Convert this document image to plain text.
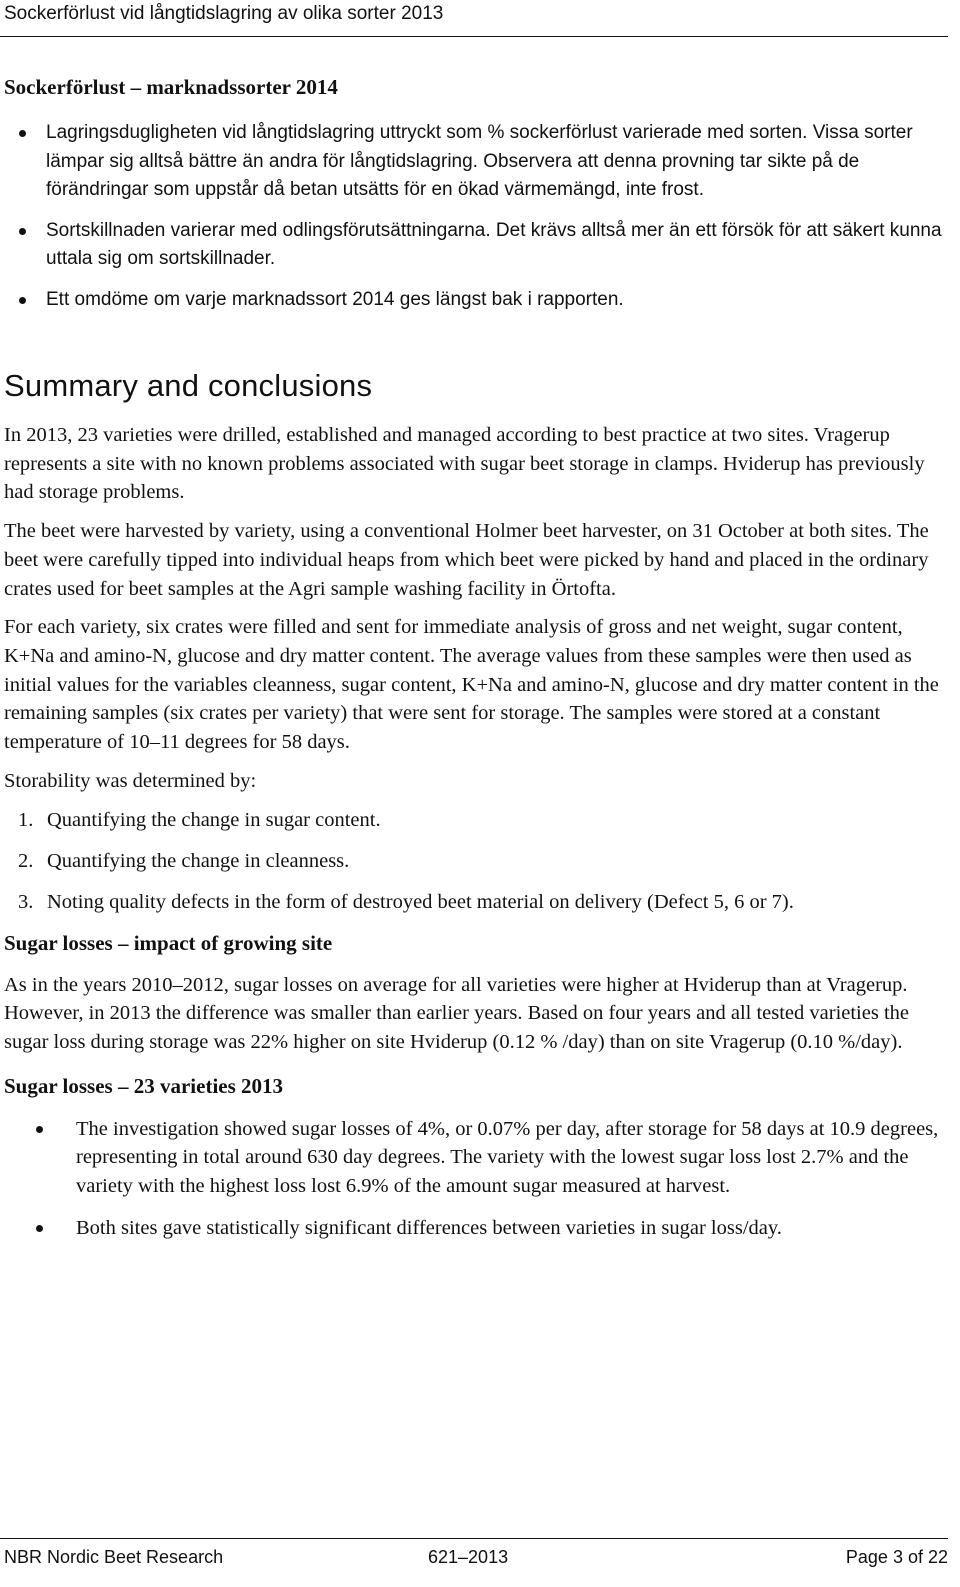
Sockerförlust vid långtidslagring av olika sorter 2013
Sockerförlust – marknadssorter 2014
Lagringsdugligheten vid långtidslagring uttryckt som % sockerförlust varierade med sorten. Vissa sorter lämpar sig alltså bättre än andra för långtidslagring. Observera att denna provning tar sikte på de förändringar som uppstår då betan utsätts för en ökad värmemängd, inte frost.
Sortskillnaden varierar med odlingsförutsättningarna. Det krävs alltså mer än ett försök för att säkert kunna uttala sig om sortskillnader.
Ett omdöme om varje marknadssort 2014 ges längst bak i rapporten.
Summary and conclusions

In 2013, 23 varieties were drilled, established and managed according to best practice at two sites. Vragerup represents a site with no known problems associated with sugar beet storage in clamps. Hviderup has previously had storage problems.

The beet were harvested by variety, using a conventional Holmer beet harvester, on 31 October at both sites. The beet were carefully tipped into individual heaps from which beet were picked by hand and placed in the ordinary crates used for beet samples at the Agri sample washing facility in Örtofta.

For each variety, six crates were filled and sent for immediate analysis of gross and net weight, sugar content, K+Na and amino-N, glucose and dry matter content. The average values from these samples were then used as initial values for the variables cleanness, sugar content, K+Na and amino-N, glucose and dry matter content in the remaining samples (six crates per variety) that were sent for storage. The samples were stored at a constant temperature of 10–11 degrees for 58 days.

Storability was determined by:

1. Quantifying the change in sugar content.
2. Quantifying the change in cleanness.
3. Noting quality defects in the form of destroyed beet material on delivery (Defect 5, 6 or 7).
Sugar losses – impact of growing site

As in the years 2010–2012, sugar losses on average for all varieties were higher at Hviderup than at Vragerup. However, in 2013 the difference was smaller than earlier years. Based on four years and all tested varieties the sugar loss during storage was 22% higher on site Hviderup (0.12 % /day) than on site Vragerup (0.10 %/day).

Sugar losses – 23 varieties 2013
The investigation showed sugar losses of 4%, or 0.07% per day, after storage for 58 days at 10.9 degrees, representing in total around 630 day degrees. The variety with the lowest sugar loss lost 2.7% and the variety with the highest loss lost 6.9% of the amount sugar measured at harvest.
Both sites gave statistically significant differences between varieties in sugar loss/day.
NBR Nordic Beet Research	621–2013	Page 3 of 22
